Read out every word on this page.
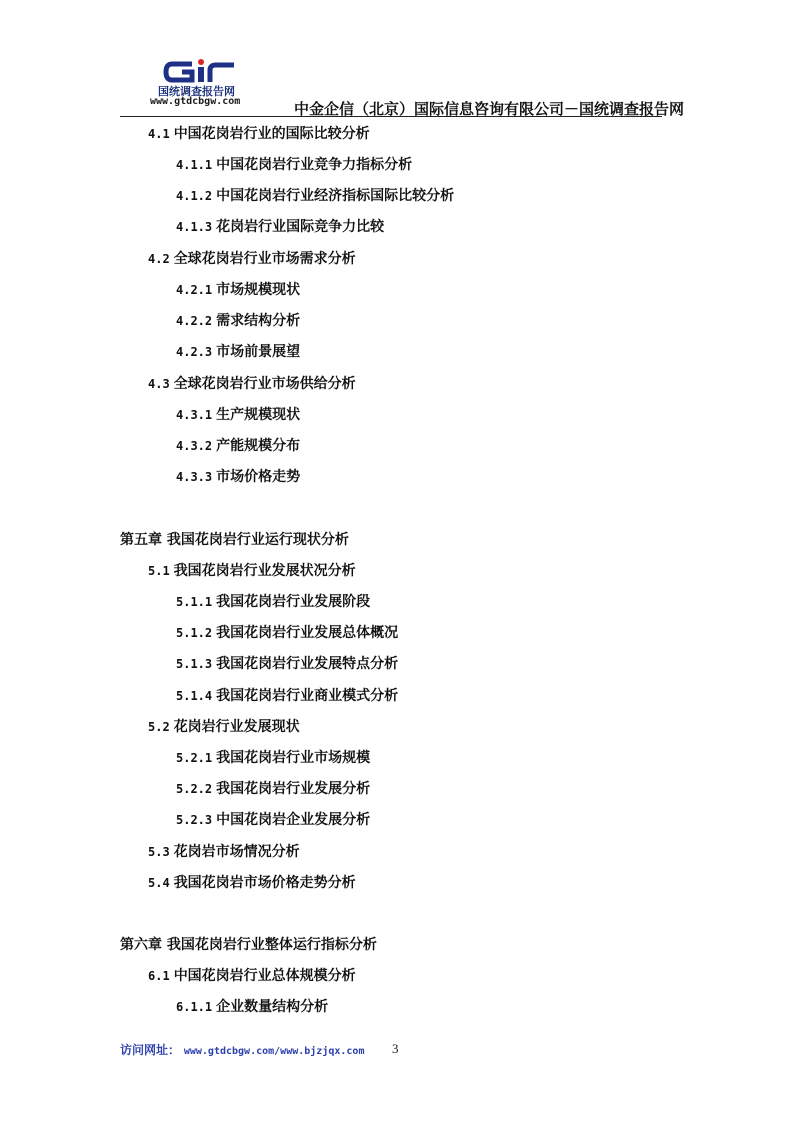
国统调查报告网
www.gtdcbgw.com	中金企信（北京）国际信息咨询有限公司－国统调查报告网
4.1 中国花岗岩行业的国际比较分析
4.1.1 中国花岗岩行业竞争力指标分析
4.1.2 中国花岗岩行业经济指标国际比较分析
4.1.3 花岗岩行业国际竞争力比较
4.2 全球花岗岩行业市场需求分析
4.2.1 市场规模现状
4.2.2 需求结构分析
4.2.3 市场前景展望
4.3 全球花岗岩行业市场供给分析
4.3.1 生产规模现状
4.3.2 产能规模分布
4.3.3 市场价格走势
第五章 我国花岗岩行业运行现状分析
5.1 我国花岗岩行业发展状况分析
5.1.1 我国花岗岩行业发展阶段
5.1.2 我国花岗岩行业发展总体概况
5.1.3 我国花岗岩行业发展特点分析
5.1.4 我国花岗岩行业商业模式分析
5.2 花岗岩行业发展现状
5.2.1 我国花岗岩行业市场规模
5.2.2 我国花岗岩行业发展分析
5.2.3 中国花岗岩企业发展分析
5.3 花岗岩市场情况分析
5.4 我国花岗岩市场价格走势分析
第六章 我国花岗岩行业整体运行指标分析
6.1 中国花岗岩行业总体规模分析
6.1.1 企业数量结构分析
访问网址： www.gtdcbgw.com/www.bjzjqx.com 3
